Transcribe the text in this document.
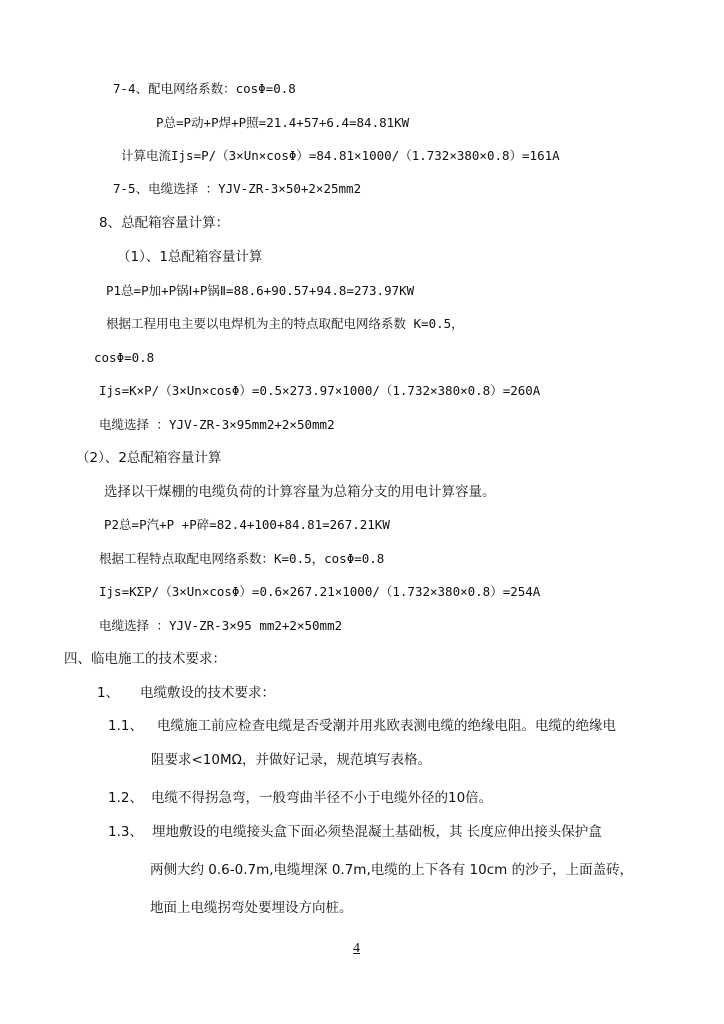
7-4、配电网络系数：cosΦ=0.8
P总=P动+P焊+P照=21.4+57+6.4=84.81KW
计算电流Ijs=P/（3×Un×cosΦ）=84.81×1000/（1.732×380×0.8）=161A
7-5、电缆选择 ：YJV-ZR-3×50+2×25mm2
8、总配箱容量计算：
（1）、1总配箱容量计算
P1总=P加+P锅Ⅰ+P锅Ⅱ=88.6+90.57+94.8=273.97KW
根据工程用电主要以电焊机为主的特点取配电网络系数 K=0.5，
cosΦ=0.8
Ijs=K×P/（3×Un×cosΦ）=0.5×273.97×1000/（1.732×380×0.8）=260A
电缆选择 ：YJV-ZR-3×95mm2+2×50mm2
（2）、2总配箱容量计算
选择以干煤棚的电缆负荷的计算容量为总箱分支的用电计算容量。
P2总=P汽+P +P碎=82.4+100+84.81=267.21KW
根据工程特点取配电网络系数：K=0.5，cosΦ=0.8
Ijs=KΣP/（3×Un×cosΦ）=0.6×267.21×1000/（1.732×380×0.8）=254A
电缆选择 ：YJV-ZR-3×95 mm2+2×50mm2
四、临电施工的技术要求：
1、 电缆敷设的技术要求：
1.1、 电缆施工前应检查电缆是否受潮并用兆欧表测电缆的绝缘电阻。电缆的绝缘电
阻要求<10MΩ，并做好记录，规范填写表格。
1.2、 电缆不得拐急弯，一般弯曲半径不小于电缆外径的10倍。
1.3、 埋地敷设的电缆接头盒下面必须垫混凝土基础板，其 长度应伸出接头保护盒
两侧大约 0.6-0.7m,电缆埋深 0.7m,电缆的上下各有 10cm 的沙子，上面盖砖，
地面上电缆拐弯处要埋设方向桩。
4
